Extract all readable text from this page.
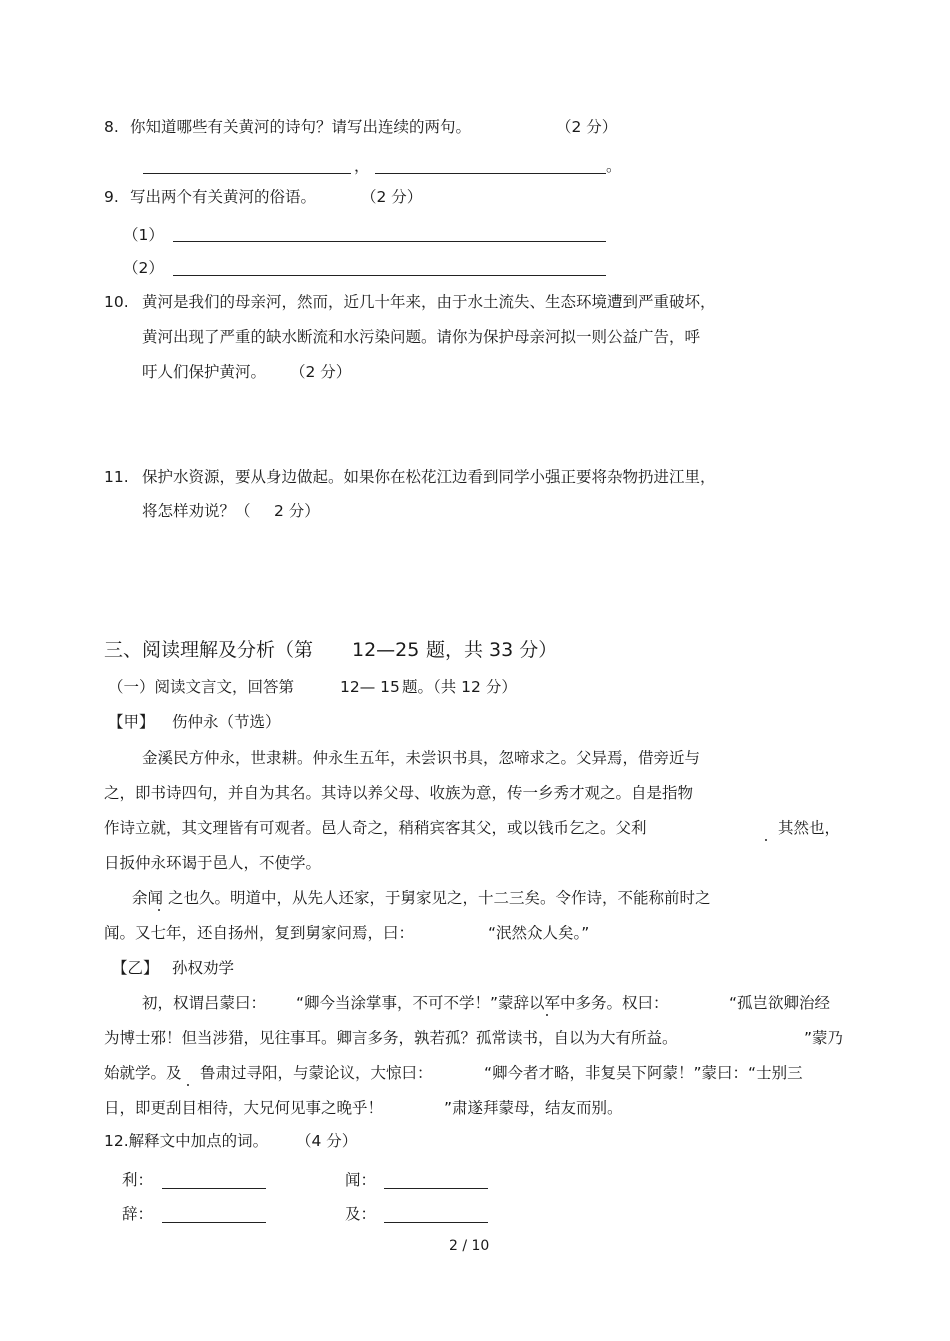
8. 你知道哪些有关黄河的诗句？请写出连续的两句。	（2 分）
，	。
9. 写出两个有关黄河的俗语。	（2 分）
（1）
（2）
10. 黄河是我们的母亲河，然而，近几十年来，由于水土流失、生态环境遭到严重破坏，
黄河出现了严重的缺水断流和水污染问题。请你为保护母亲河拟一则公益广告，呼
吁人们保护黄河。 （2 分）
11. 保护水资源，要从身边做起。如果你在松花江边看到同学小强正要将杂物扔进江里，
将怎样劝说？（ 2 分）
三、阅读理解及分析（第 12—25 题，共 33 分）
（一）阅读文言文，回答第	12— 15 题。（共 12 分）
【甲】 伤仲永（节选）
金溪民方仲永，世隶耕。仲永生五年，未尝识书具，忽啼求之。父异焉，借旁近与
之，即书诗四句，并自为其名。其诗以养父母、收族为意，传一乡秀才观之。自是指物
作诗立就，其文理皆有可观者。邑人奇之，稍稍宾客其父，或以钱币乞之。父利	其然也，
日扳仲永环谒于邑人，不使学。
余闻 之也久。明道中，从先人还家，于舅家见之，十二三矣。令作诗，不能称前时之
闻。又七年，还自扬州，复到舅家问焉，曰：	“泯然众人矣。”
【乙】 孙权劝学
初，权谓吕蒙曰： “卿今当涂掌事，不可不学！”蒙辞以军中多务。权曰：	“孤岂欲卿治经
为博士邪！但当涉猎，见往事耳。卿言多务，孰若孤？孤常读书，自以为大有所益。	”蒙乃
始就学。及 鲁肃过寻阳，与蒙论议，大惊曰：	“卿今者才略，非复吴下阿蒙！”蒙曰：“士别三
日，即更刮目相待，大兄何见事之晚乎！	”肃遂拜蒙母，结友而别。
12.解释文中加点的词。 （4 分）
利：	闻：
辞：	及：
2 / 10
